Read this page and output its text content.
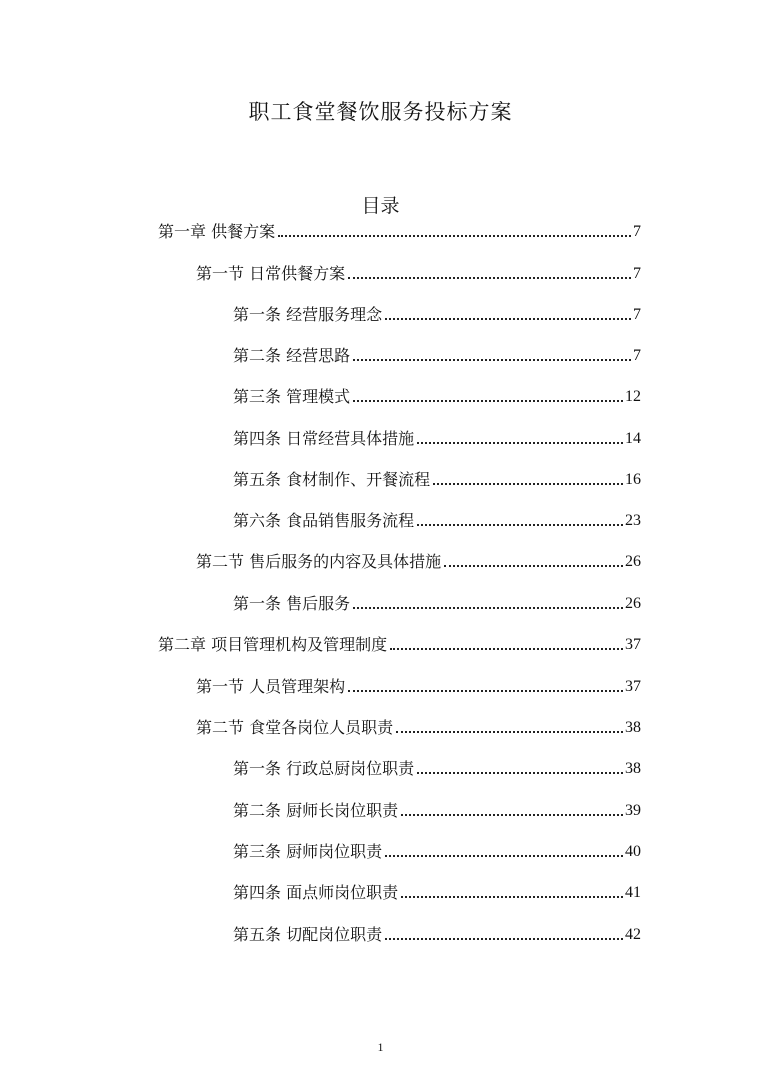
职工食堂餐饮服务投标方案
目录
第一章 供餐方案	7
第一节 日常供餐方案	7
第一条 经营服务理念	7
第二条 经营思路	7
第三条 管理模式	12
第四条 日常经营具体措施	14
第五条 食材制作、开餐流程	16
第六条 食品销售服务流程	23
第二节 售后服务的内容及具体措施	26
第一条 售后服务	26
第二章 项目管理机构及管理制度	37
第一节 人员管理架构	37
第二节 食堂各岗位人员职责	38
第一条 行政总厨岗位职责	38
第二条 厨师长岗位职责	39
第三条 厨师岗位职责	40
第四条 面点师岗位职责	41
第五条 切配岗位职责	42
1
